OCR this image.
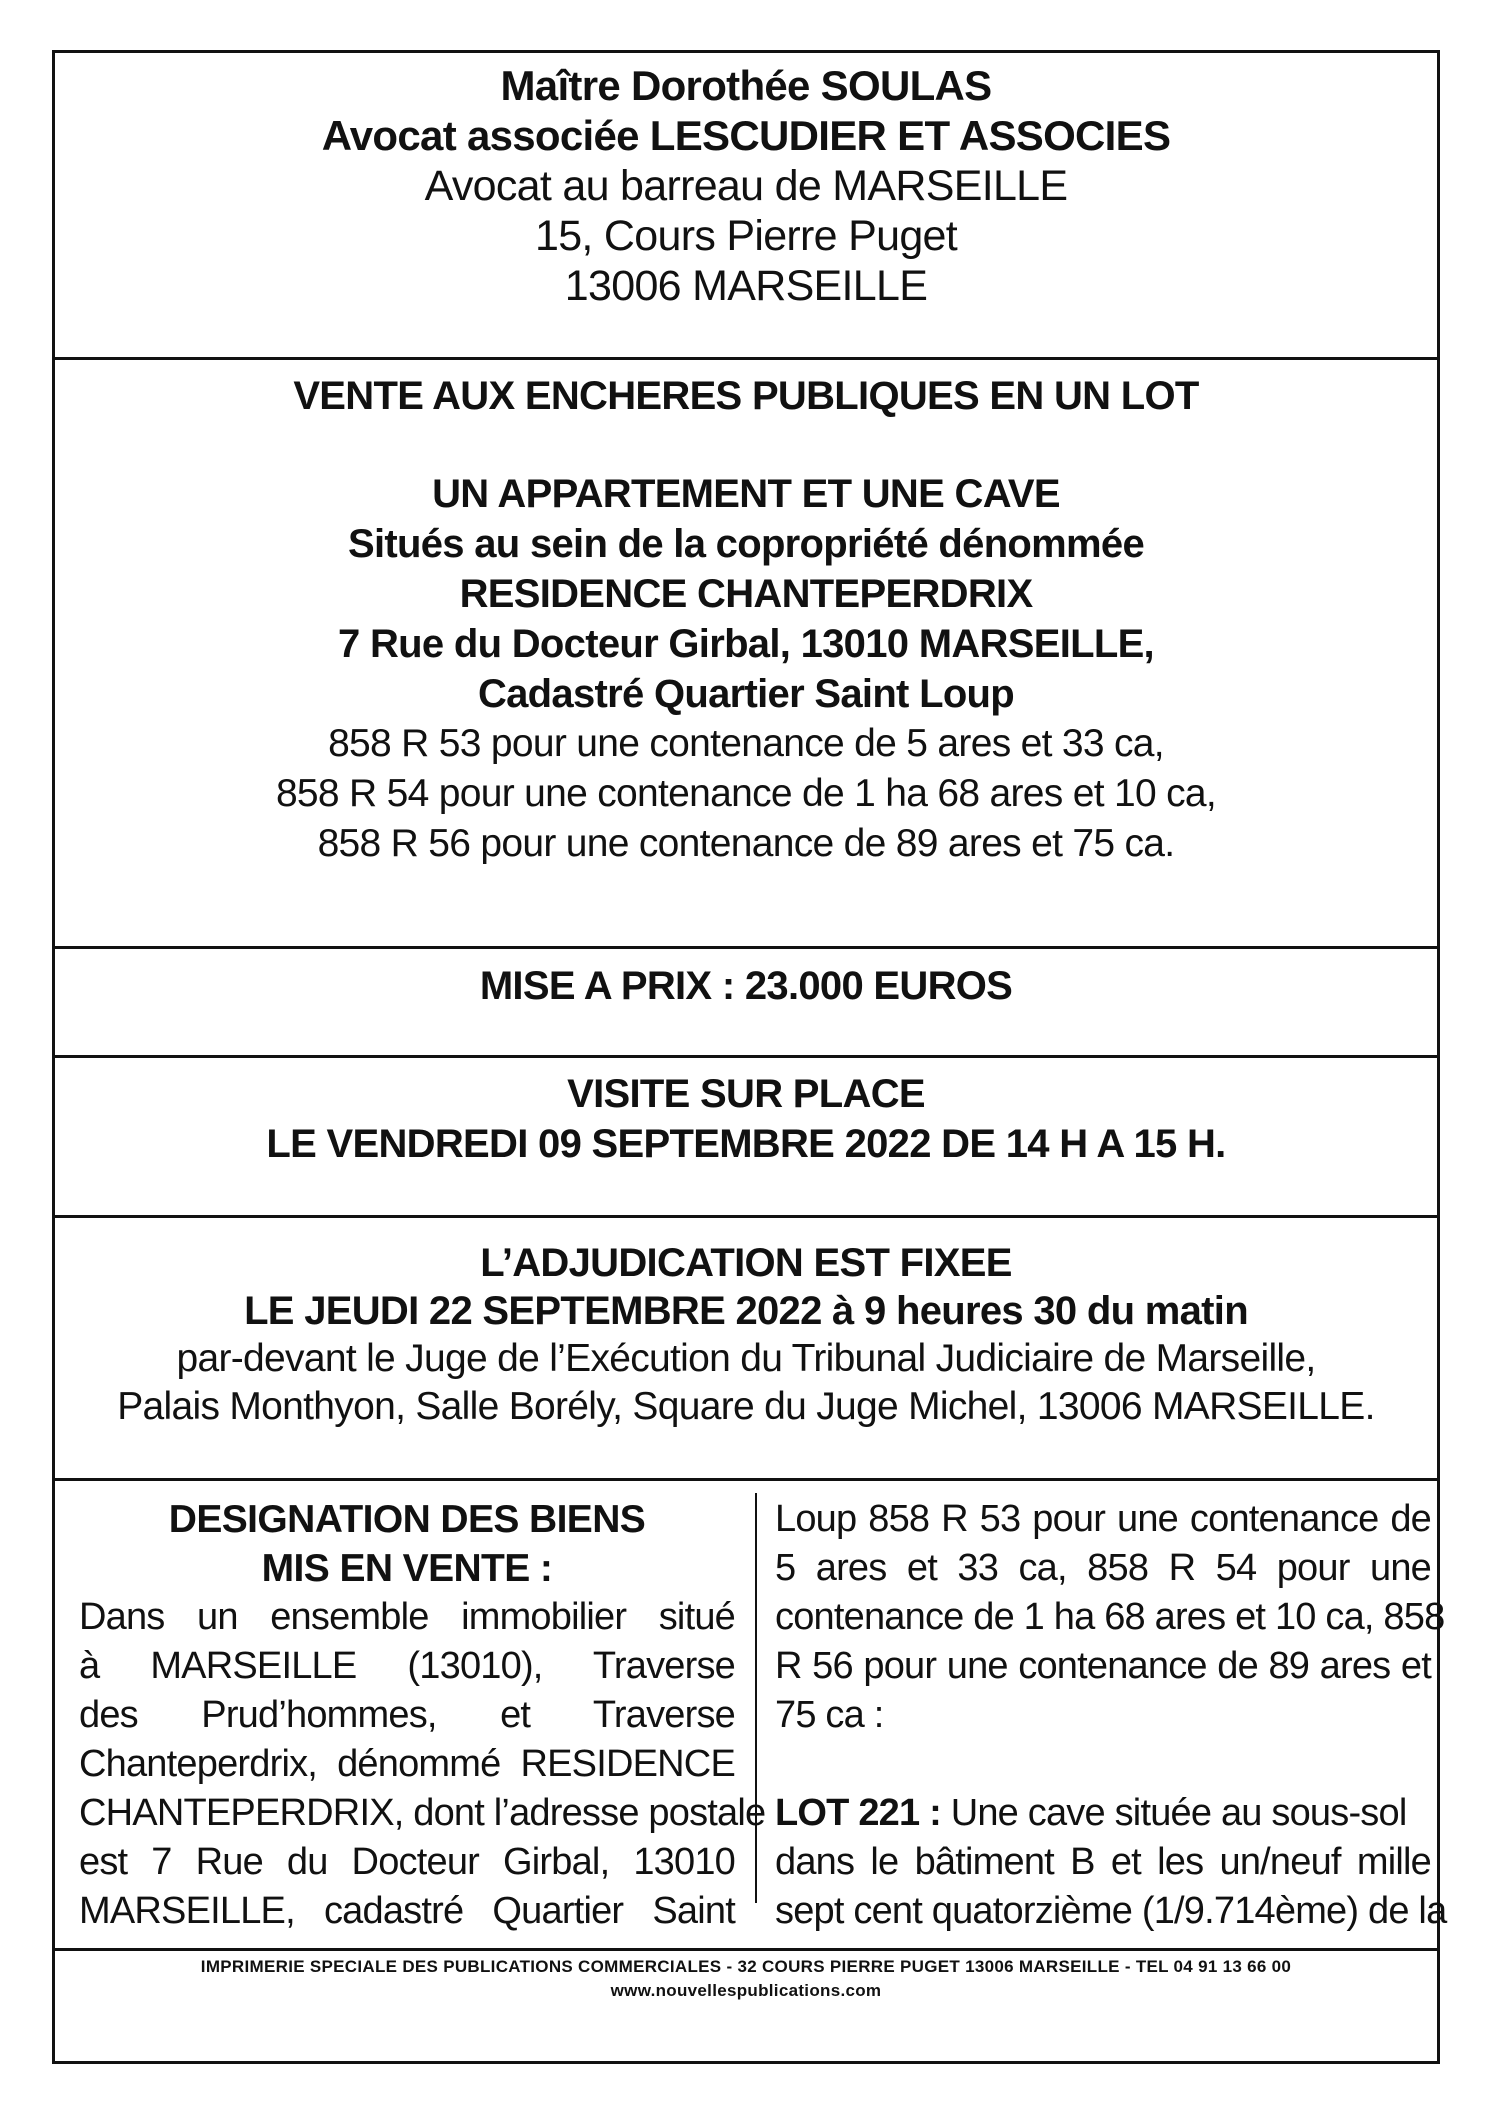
Maître Dorothée SOULAS
Avocat associée LESCUDIER ET ASSOCIES
Avocat au barreau de MARSEILLE
15, Cours Pierre Puget
13006 MARSEILLE
VENTE AUX ENCHERES PUBLIQUES EN UN LOT
UN APPARTEMENT ET UNE CAVE
Situés au sein de la copropriété dénommée
RESIDENCE CHANTEPERDRIX
7 Rue du Docteur Girbal, 13010 MARSEILLE,
Cadastré Quartier Saint Loup
858 R 53 pour une contenance de 5 ares et 33 ca,
858 R 54 pour une contenance de 1 ha 68 ares et 10 ca,
858 R 56 pour une contenance de 89 ares et 75 ca.
MISE A PRIX : 23.000 EUROS
VISITE SUR PLACE
LE VENDREDI 09 SEPTEMBRE 2022 DE 14 H A 15 H.
L’ADJUDICATION EST FIXEE
LE JEUDI 22 SEPTEMBRE 2022 à 9 heures 30 du matin
par-devant le Juge de l’Exécution du Tribunal Judiciaire de Marseille,
Palais Monthyon, Salle Borély, Square du Juge Michel, 13006 MARSEILLE.
DESIGNATION DES BIENS
MIS EN VENTE :
Dans un ensemble immobilier situé
à MARSEILLE (13010), Traverse
des Prud’hommes, et Traverse
Chanteperdrix, dénommé RESIDENCE
CHANTEPERDRIX, dont l’adresse postale
est 7 Rue du Docteur Girbal, 13010
MARSEILLE, cadastré Quartier Saint
Loup 858 R 53 pour une contenance de
5 ares et 33 ca, 858 R 54 pour une
contenance de 1 ha 68 ares et 10 ca, 858
R 56 pour une contenance de 89 ares et
75 ca :
LOT 221 : Une cave située au sous-sol
dans le bâtiment B et les un/neuf mille
sept cent quatorzième (1/9.714ème) de la
IMPRIMERIE SPECIALE DES PUBLICATIONS COMMERCIALES - 32 COURS PIERRE PUGET 13006 MARSEILLE - TEL 04 91 13 66 00
www.nouvellespublications.com
